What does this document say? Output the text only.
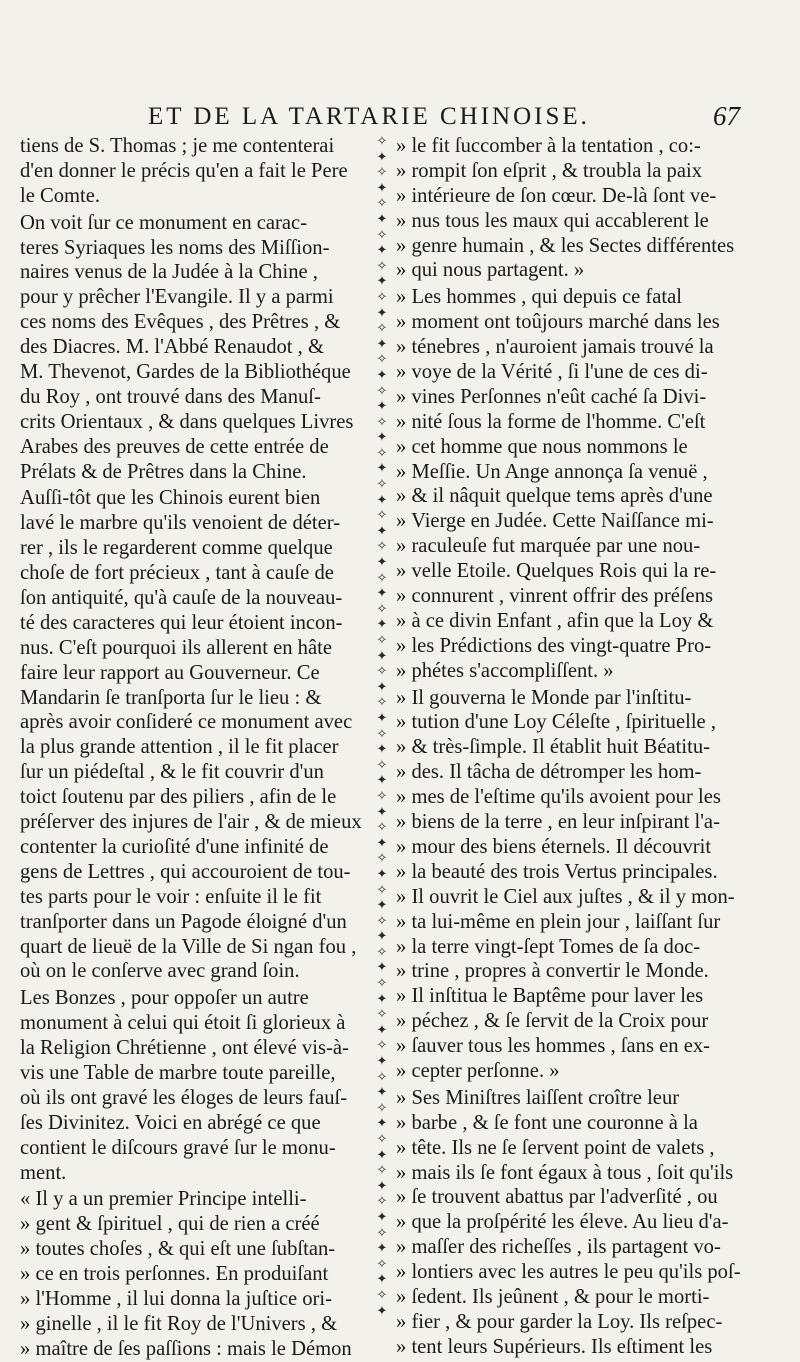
ET DE LA TARTARIE CHINOISE.	67
tiens de S. Thomas ; je me contenterai
d'en donner le précis qu'en a fait le Pere
le Comte.
On voit ſur ce monument en carac-
teres Syriaques les noms des Miſſion-
naires venus de la Judée à la Chine ,
pour y prêcher l'Evangile. Il y a parmi
ces noms des Evêques , des Prêtres , &
des Diacres. M. l'Abbé Renaudot , &
M. Thevenot, Gardes de la Bibliothéque
du Roy , ont trouvé dans des Manuſ-
crits Orientaux , & dans quelques Livres
Arabes des preuves de cette entrée de
Prélats & de Prêtres dans la Chine.
Auſſi-tôt que les Chinois eurent bien
lavé le marbre qu'ils venoient de déter-
rer , ils le regarderent comme quelque
choſe de fort précieux , tant à cauſe de
ſon antiquité, qu'à cauſe de la nouveau-
té des caracteres qui leur étoient incon-
nus. C'eſt pourquoi ils allerent en hâte
faire leur rapport au Gouverneur. Ce
Mandarin ſe tranſporta ſur le lieu : &
après avoir conſideré ce monument avec
la plus grande attention , il le fit placer
ſur un piédeſtal , & le fit couvrir d'un
toict ſoutenu par des piliers , afin de le
préſerver des injures de l'air , & de mieux
contenter la curioſité d'une infinité de
gens de Lettres , qui accouroient de tou-
tes parts pour le voir : enſuite il le fit
tranſporter dans un Pagode éloigné d'un
quart de lieuë de la Ville de Si ngan fou ,
où on le conſerve avec grand ſoin.
Les Bonzes , pour oppoſer un autre
monument à celui qui étoit ſi glorieux à
la Religion Chrétienne , ont élevé vis-à-
vis une Table de marbre toute pareille,
où ils ont gravé les éloges de leurs fauſ-
ſes Divinitez. Voici en abrégé ce que
contient le diſcours gravé ſur le monu-
ment.
« Il y a un premier Principe intelli-
» gent & ſpirituel , qui de rien a créé
» toutes choſes , & qui eſt une ſubſtan-
» ce en trois perſonnes. En produiſant
» l'Homme , il lui donna la juſtice ori-
» ginelle , il le fit Roy de l'Univers , &
» maître de ſes paſſions : mais le Démon
✧
✦
✧
✦
✧
✦
✧
✦
✧
✦
✧
✦
✧
✦
✧
✦
✧
✦
✧
✦
✧
✦
✧
✦
✧
✦
✧
✦
✧
✦
✧
✦
✧
✦
✧
✦
✧
✦
✧
✦
✧
✦
✧
✦
✧
✦
✧
✦
✧
✦
✧
✦
✧
✦
✧
✦
✧
✦
✧
✦
✧
✦
✧
✦
✧
✦
✧
✦
✧
✦
✧
✦
✧
✦
✧
✦

» le fit ſuccomber à la tentation , co:-
» rompit ſon eſprit , & troubla la paix
» intérieure de ſon cœur. De-là ſont ve-
» nus tous les maux qui accablerent le
» genre humain , & les Sectes différentes
» qui nous partagent. »
» Les hommes , qui depuis ce fatal
» moment ont toûjours marché dans les
» ténebres , n'auroient jamais trouvé la
» voye de la Vérité , ſi l'une de ces di-
» vines Perſonnes n'eût caché ſa Divi-
» nité ſous la forme de l'homme. C'eſt
» cet homme que nous nommons le
» Meſſie. Un Ange annonça ſa venuë ,
» & il nâquit quelque tems après d'une
» Vierge en Judée. Cette Naiſſance mi-
» raculeuſe fut marquée par une nou-
» velle Etoile. Quelques Rois qui la re-
» connurent , vinrent offrir des préſens
» à ce divin Enfant , afin que la Loy &
» les Prédictions des vingt-quatre Pro-
» phétes s'accompliſſent. »
» Il gouverna le Monde par l'inſtitu-
» tution d'une Loy Céleſte , ſpirituelle ,
» & très-ſimple. Il établit huit Béatitu-
» des. Il tâcha de détromper les hom-
» mes de l'eſtime qu'ils avoient pour les
» biens de la terre , en leur inſpirant l'a-
» mour des biens éternels. Il découvrit
» la beauté des trois Vertus principales.
» Il ouvrit le Ciel aux juſtes , & il y mon-
» ta lui-même en plein jour , laiſſant ſur
» la terre vingt-ſept Tomes de ſa doc-
» trine , propres à convertir le Monde.
» Il inſtitua le Baptême pour laver les
» péchez , & ſe ſervit de la Croix pour
» ſauver tous les hommes , ſans en ex-
» cepter perſonne. »
» Ses Miniſtres laiſſent croître leur
» barbe , & ſe font une couronne à la
» tête. Ils ne ſe ſervent point de valets ,
» mais ils ſe font égaux à tous , ſoit qu'ils
» ſe trouvent abattus par l'adverſité , ou
» que la proſpérité les éleve. Au lieu d'a-
» maſſer des richeſſes , ils partagent vo-
» lontiers avec les autres le peu qu'ils poſ-
» ſedent. Ils jeûnent , & pour le morti-
» fier , & pour garder la Loy. Ils reſpec-
» tent leurs Supérieurs. Ils eſtiment les
